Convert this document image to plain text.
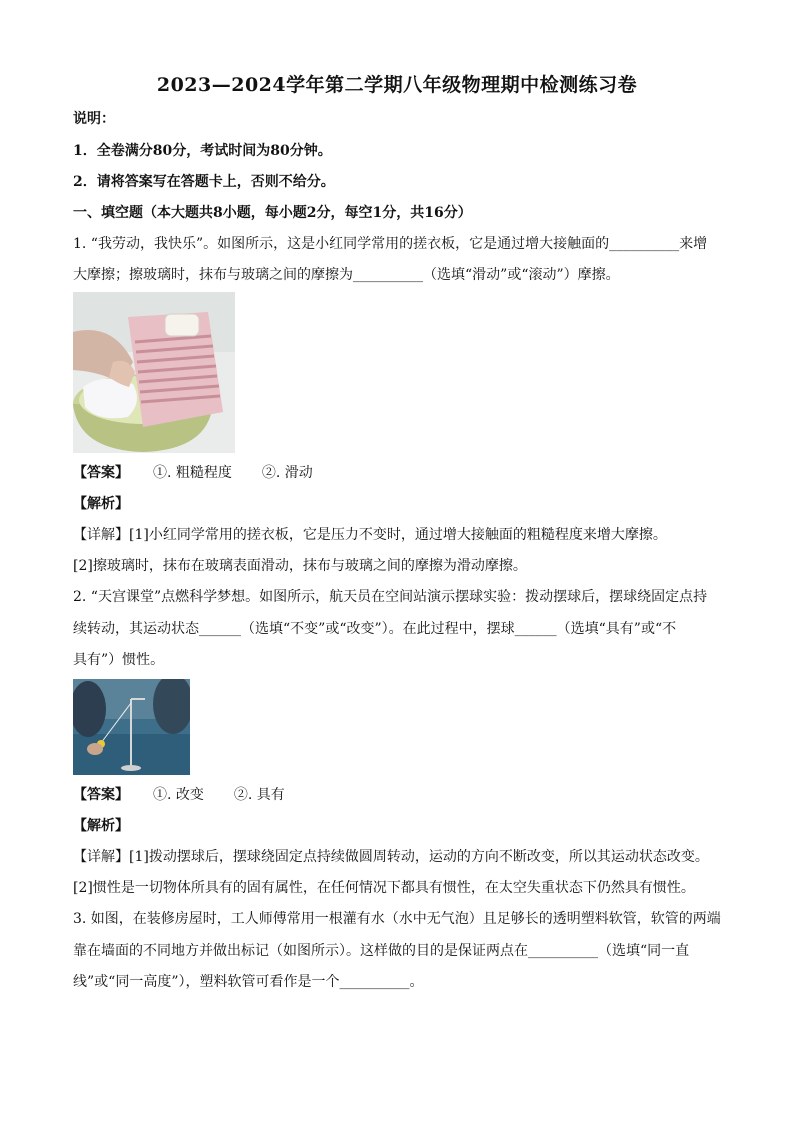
2023—2024学年第二学期八年级物理期中检测练习卷
说明：
1．全卷满分80分，考试时间为80分钟。
2．请将答案写在答题卡上，否则不给分。
一、填空题（本大题共8小题，每小题2分，每空1分，共16分）
1. “我劳动，我快乐”。如图所示，这是小红同学常用的搓衣板，它是通过增大接触面的__________来增
大摩擦；擦玻璃时，抹布与玻璃之间的摩擦为__________（选填“滑动”或“滚动”）摩擦。
【答案】 ①. 粗糙程度 ②. 滑动
【解析】
【详解】[1]小红同学常用的搓衣板，它是压力不变时，通过增大接触面的粗糙程度来增大摩擦。
[2]擦玻璃时，抹布在玻璃表面滑动，抹布与玻璃之间的摩擦为滑动摩擦。
2. “天宫课堂”点燃科学梦想。如图所示，航天员在空间站演示摆球实验：拨动摆球后，摆球绕固定点持
续转动，其运动状态______（选填“不变”或“改变”）。在此过程中，摆球______（选填“具有”或“不
具有”）惯性。
【答案】 ①. 改变 ②. 具有
【解析】
【详解】[1]拨动摆球后，摆球绕固定点持续做圆周转动，运动的方向不断改变，所以其运动状态改变。
[2]惯性是一切物体所具有的固有属性，在任何情况下都具有惯性，在太空失重状态下仍然具有惯性。
3. 如图，在装修房屋时，工人师傅常用一根灌有水（水中无气泡）且足够长的透明塑料软管，软管的两端
靠在墙面的不同地方并做出标记（如图所示）。这样做的目的是保证两点在__________（选填“同一直
线”或“同一高度”），塑料软管可看作是一个__________。
